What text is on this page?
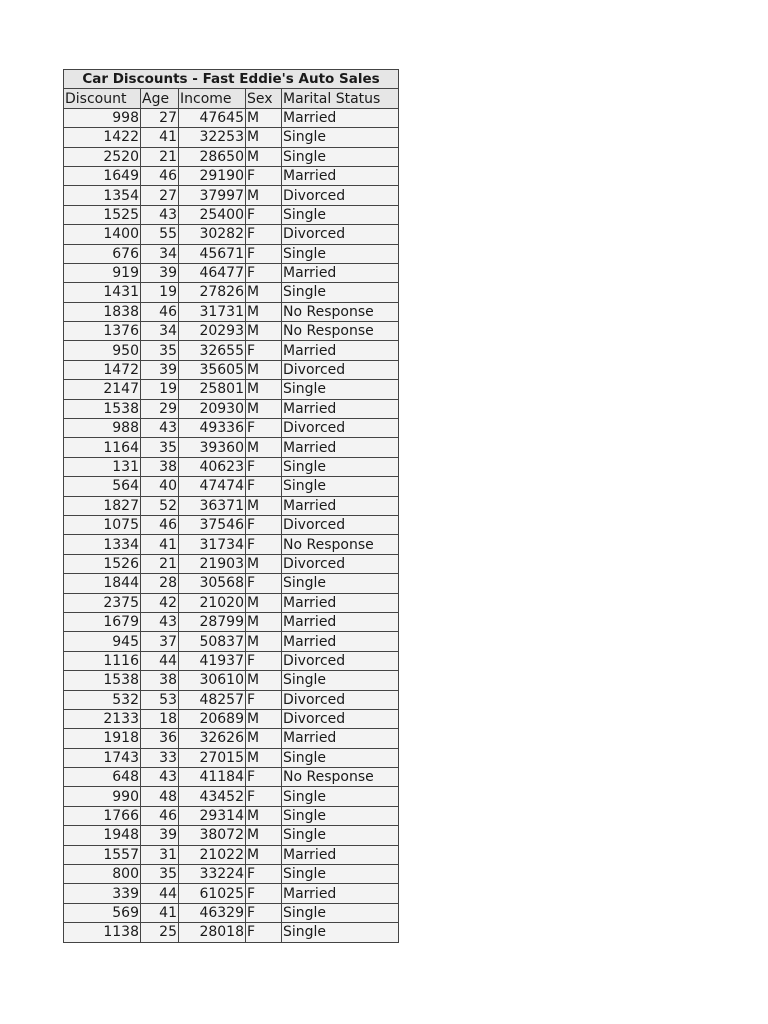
Car Discounts - Fast Eddie's Auto Sales				
Discount	Age	Income	Sex	Marital Status
998	27	47645	M	Married
1422	41	32253	M	Single
2520	21	28650	M	Single
1649	46	29190	F	Married
1354	27	37997	M	Divorced
1525	43	25400	F	Single
1400	55	30282	F	Divorced
676	34	45671	F	Single
919	39	46477	F	Married
1431	19	27826	M	Single
1838	46	31731	M	No Response
1376	34	20293	M	No Response
950	35	32655	F	Married
1472	39	35605	M	Divorced
2147	19	25801	M	Single
1538	29	20930	M	Married
988	43	49336	F	Divorced
1164	35	39360	M	Married
131	38	40623	F	Single
564	40	47474	F	Single
1827	52	36371	M	Married
1075	46	37546	F	Divorced
1334	41	31734	F	No Response
1526	21	21903	M	Divorced
1844	28	30568	F	Single
2375	42	21020	M	Married
1679	43	28799	M	Married
945	37	50837	M	Married
1116	44	41937	F	Divorced
1538	38	30610	M	Single
532	53	48257	F	Divorced
2133	18	20689	M	Divorced
1918	36	32626	M	Married
1743	33	27015	M	Single
648	43	41184	F	No Response
990	48	43452	F	Single
1766	46	29314	M	Single
1948	39	38072	M	Single
1557	31	21022	M	Married
800	35	33224	F	Single
339	44	61025	F	Married
569	41	46329	F	Single
1138	25	28018	F	Single
